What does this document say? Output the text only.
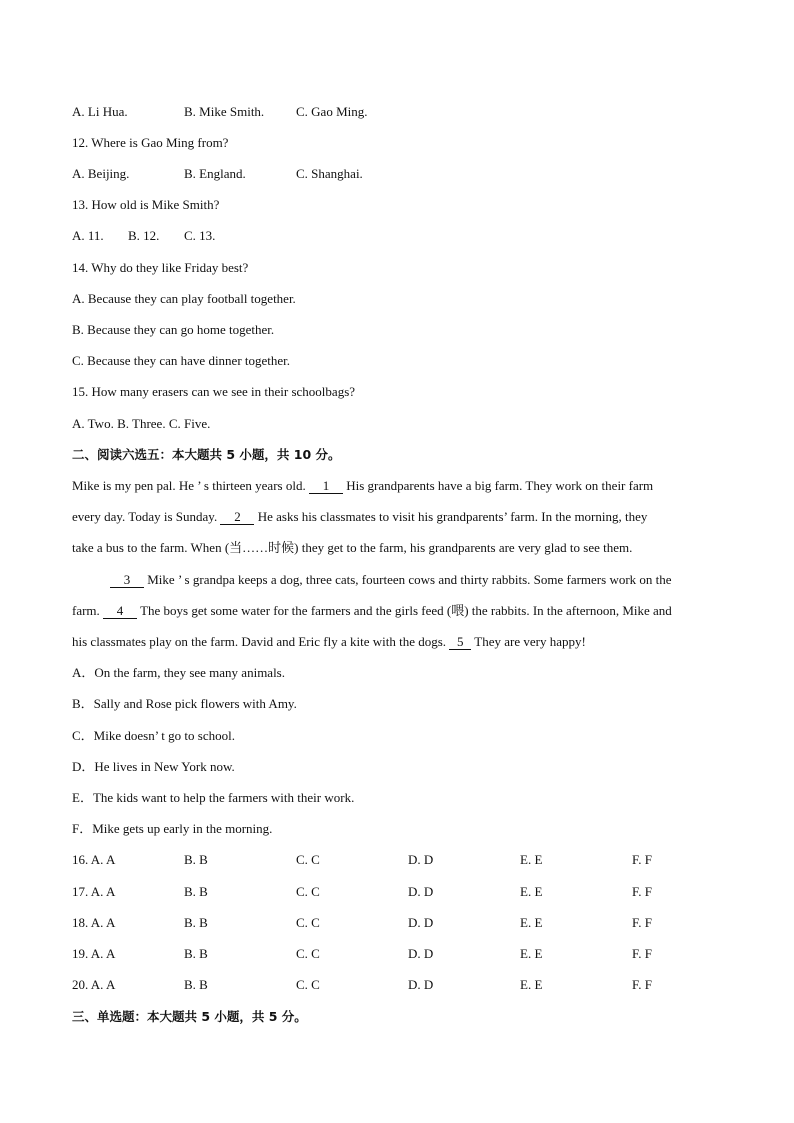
A. Li Hua.	B. Mike Smith. C. Gao Ming.
12. Where is Gao Ming from?
A. Beijing.	B. England.	C. Shanghai.
13. How old is Mike Smith?
A. 11. B. 12. C. 13.
14. Why do they like Friday best?
A. Because they can play football together.
B. Because they can go home together.
C. Because they can have dinner together.
15. How many erasers can we see in their schoolbags?
A. Two. B. Three. C. Five.
二、阅读六选五：本大题共 5 小题，共 10 分。
Mike is my pen pal. He ’ s thirteen years old. 1 His grandparents have a big farm. They work on their farm
every day. Today is Sunday. 2 He asks his classmates to visit his grandparents’ farm. In the morning, they
take a bus to the farm. When (当……时候) they get to the farm, his grandparents are very glad to see them.
3 Mike ’ s grandpa keeps a dog, three cats, fourteen cows and thirty rabbits. Some farmers work on the
farm. 4 The boys get some water for the farmers and the girls feed (喂) the rabbits. In the afternoon, Mike and
his classmates play on the farm. David and Eric fly a kite with the dogs. 5 They are very happy!
A．On the farm, they see many animals.
B．Sally and Rose pick flowers with Amy.
C．Mike doesn’ t go to school.
D．He lives in New York now.
E．The kids want to help the farmers with their work.
F．Mike gets up early in the morning.
16. A. A	B. B	C. C	D. D	E. E	F. F
17. A. A	B. B	C. C	D. D	E. E	F. F
18. A. A	B. B	C. C	D. D	E. E	F. F
19. A. A	B. B	C. C	D. D	E. E	F. F
20. A. A	B. B	C. C	D. D	E. E	F. F
三、单选题：本大题共 5 小题，共 5 分。
